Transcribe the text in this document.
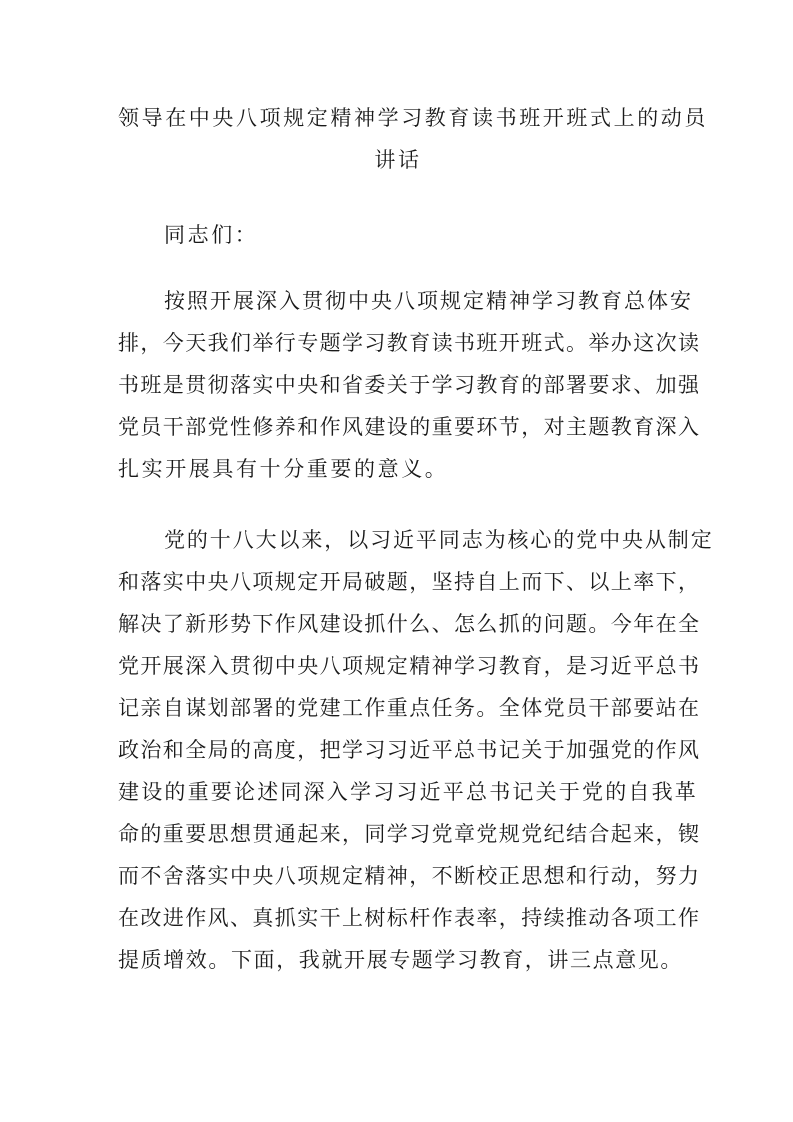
领导在中央八项规定精神学习教育读书班开班式上的动员
讲话
同志们：
按照开展深入贯彻中央八项规定精神学习教育总体安
排，今天我们举行专题学习教育读书班开班式。举办这次读
书班是贯彻落实中央和省委关于学习教育的部署要求、加强
党员干部党性修养和作风建设的重要环节，对主题教育深入
扎实开展具有十分重要的意义。
党的十八大以来，以习近平同志为核心的党中央从制定
和落实中央八项规定开局破题，坚持自上而下、以上率下，
解决了新形势下作风建设抓什么、怎么抓的问题。今年在全
党开展深入贯彻中央八项规定精神学习教育，是习近平总书
记亲自谋划部署的党建工作重点任务。全体党员干部要站在
政治和全局的高度，把学习习近平总书记关于加强党的作风
建设的重要论述同深入学习习近平总书记关于党的自我革
命的重要思想贯通起来，同学习党章党规党纪结合起来，锲
而不舍落实中央八项规定精神，不断校正思想和行动，努力
在改进作风、真抓实干上树标杆作表率，持续推动各项工作
提质增效。下面，我就开展专题学习教育，讲三点意见。
